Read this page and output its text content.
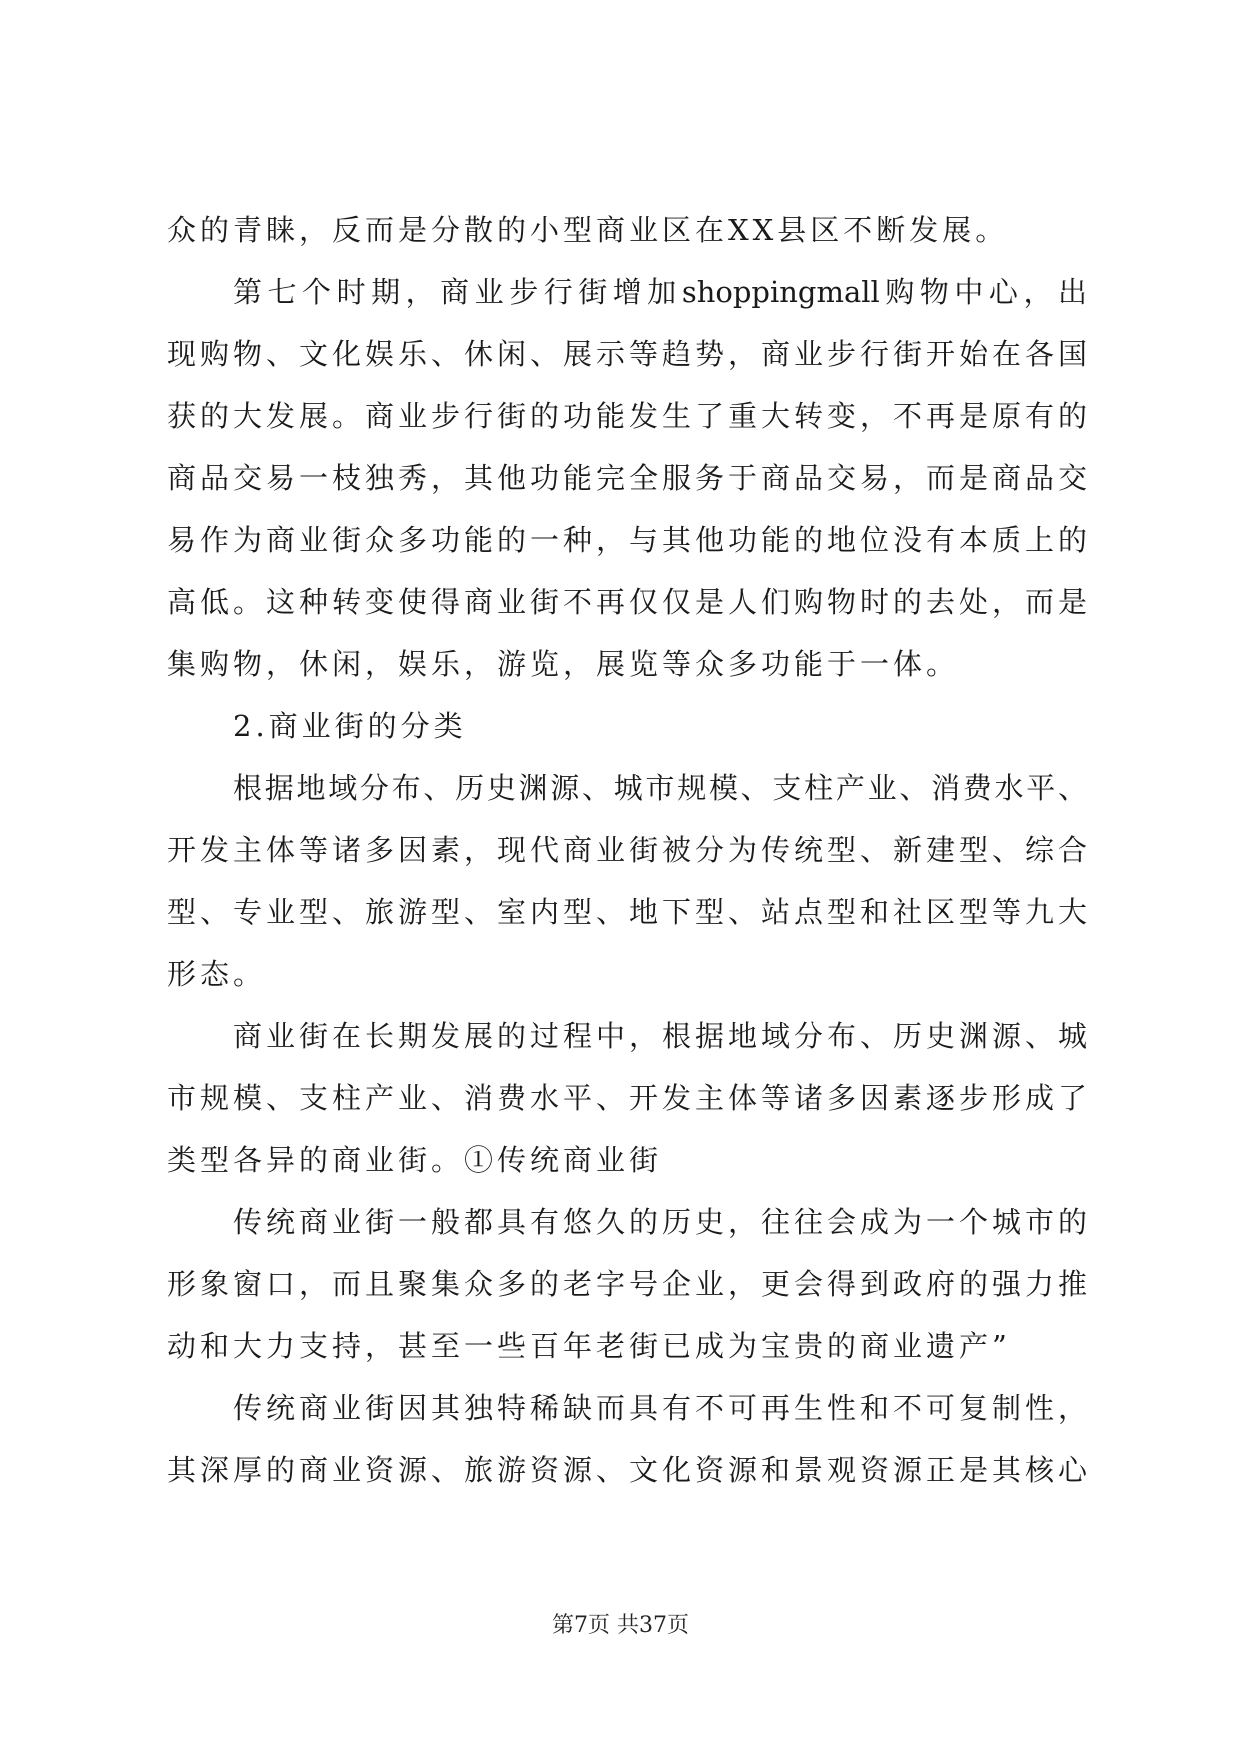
众的青睐，反而是分散的小型商业区在XX县区不断发展。
第七个时期，商业步行街增加shoppingmall购物中心，出
现购物、文化娱乐、休闲、展示等趋势，商业步行街开始在各国
获的大发展。商业步行街的功能发生了重大转变，不再是原有的
商品交易一枝独秀，其他功能完全服务于商品交易，而是商品交
易作为商业街众多功能的一种，与其他功能的地位没有本质上的
高低。这种转变使得商业街不再仅仅是人们购物时的去处，而是
集购物，休闲，娱乐，游览，展览等众多功能于一体。
2.商业街的分类
根据地域分布、历史渊源、城市规模、支柱产业、消费水平、
开发主体等诸多因素，现代商业街被分为传统型、新建型、综合
型、专业型、旅游型、室内型、地下型、站点型和社区型等九大
形态。
商业街在长期发展的过程中，根据地域分布、历史渊源、城
市规模、支柱产业、消费水平、开发主体等诸多因素逐步形成了
类型各异的商业街。①传统商业街
传统商业街一般都具有悠久的历史，往往会成为一个城市的
形象窗口，而且聚集众多的老字号企业，更会得到政府的强力推
动和大力支持，甚至一些百年老街已成为宝贵的商业遗产”
传统商业街因其独特稀缺而具有不可再生性和不可复制性，
其深厚的商业资源、旅游资源、文化资源和景观资源正是其核心
第7页 共37页
